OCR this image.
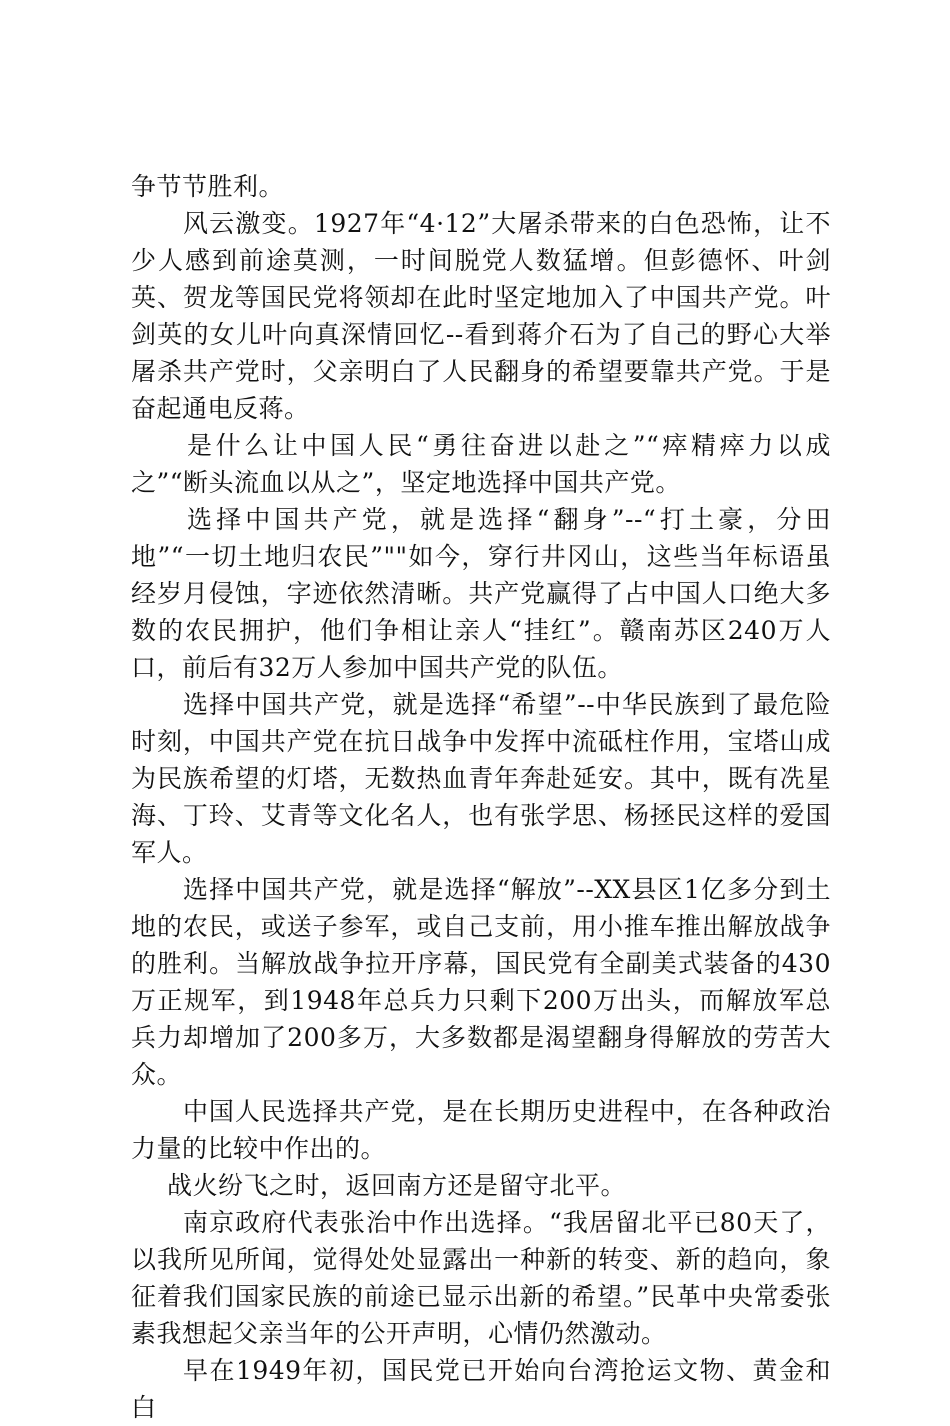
争节节胜利。

风云激变。1927年“4·12”大屠杀带来的白色恐怖，让不少人感到前途莫测，一时间脱党人数猛增。但彭德怀、叶剑英、贺龙等国民党将领却在此时坚定地加入了中国共产党。叶剑英的女儿叶向真深情回忆--看到蒋介石为了自己的野心大举屠杀共产党时，父亲明白了人民翻身的希望要靠共产党。于是奋起通电反蒋。

是什么让中国人民“勇往奋进以赴之”“瘁精瘁力以成之”“断头流血以从之”，坚定地选择中国共产党。

选择中国共产党，就是选择“翻身”--“打土豪，分田地”“一切土地归农民”""如今，穿行井冈山，这些当年标语虽经岁月侵蚀，字迹依然清晰。共产党赢得了占中国人口绝大多数的农民拥护，他们争相让亲人“挂红”。赣南苏区240万人口，前后有32万人参加中国共产党的队伍。

选择中国共产党，就是选择“希望”--中华民族到了最危险时刻，中国共产党在抗日战争中发挥中流砥柱作用，宝塔山成为民族希望的灯塔，无数热血青年奔赴延安。其中，既有冼星海、丁玲、艾青等文化名人，也有张学思、杨拯民这样的爱国军人。

选择中国共产党，就是选择“解放”--XX县区1亿多分到土地的农民，或送子参军，或自己支前，用小推车推出解放战争的胜利。当解放战争拉开序幕，国民党有全副美式装备的430万正规军，到1948年总兵力只剩下200万出头，而解放军总兵力却增加了200多万，大多数都是渴望翻身得解放的劳苦大众。

中国人民选择共产党，是在长期历史进程中，在各种政治力量的比较中作出的。

战火纷飞之时，返回南方还是留守北平。

南京政府代表张治中作出选择。“我居留北平已80天了，以我所见所闻，觉得处处显露出一种新的转变、新的趋向，象征着我们国家民族的前途已显示出新的希望。”民革中央常委张素我想起父亲当年的公开声明，心情仍然激动。

早在1949年初，国民党已开始向台湾抢运文物、黄金和白
